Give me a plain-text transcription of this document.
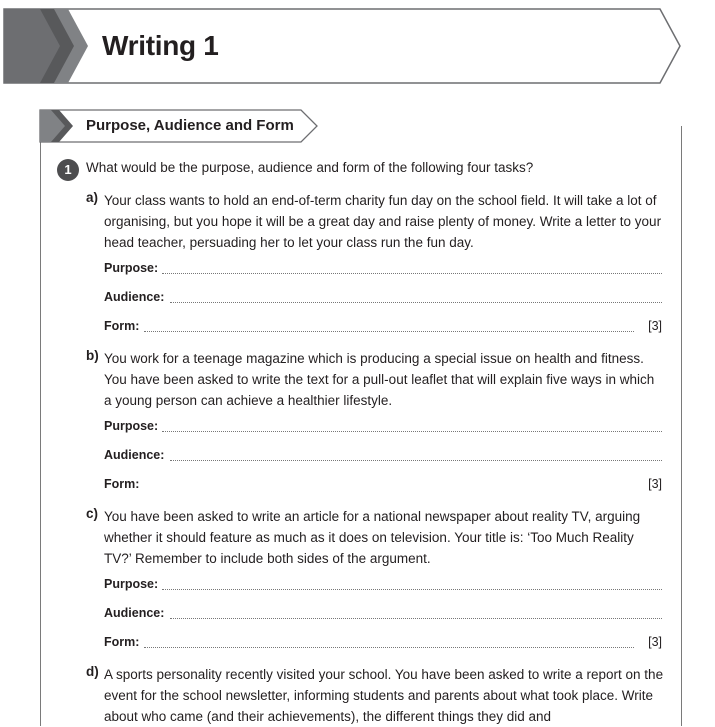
Writing 1
Purpose, Audience and Form
1	What would be the purpose, audience and form of the following four tasks?

a) Your class wants to hold an end-of-term charity fun day on the school field. It will take a lot of organising, but you hope it will be a great day and raise plenty of money. Write a letter to your head teacher, persuading her to let your class run the fun day.

Purpose:
Audience:
Form:	[3]
b) You work for a teenage magazine which is producing a special issue on health and fitness. You have been asked to write the text for a pull-out leaflet that will explain five ways in which a young person can achieve a healthier lifestyle.

Purpose:
Audience:
Form:	[3]
c) You have been asked to write an article for a national newspaper about reality TV, arguing whether it should feature as much as it does on television. Your title is: ‘Too Much Reality TV?’ Remember to include both sides of the argument.

Purpose:
Audience:
Form:	[3]
d) A sports personality recently visited your school. You have been asked to write a report on the event for the school newsletter, informing students and parents about what took place. Write about who came (and their achievements), the different things they did and
